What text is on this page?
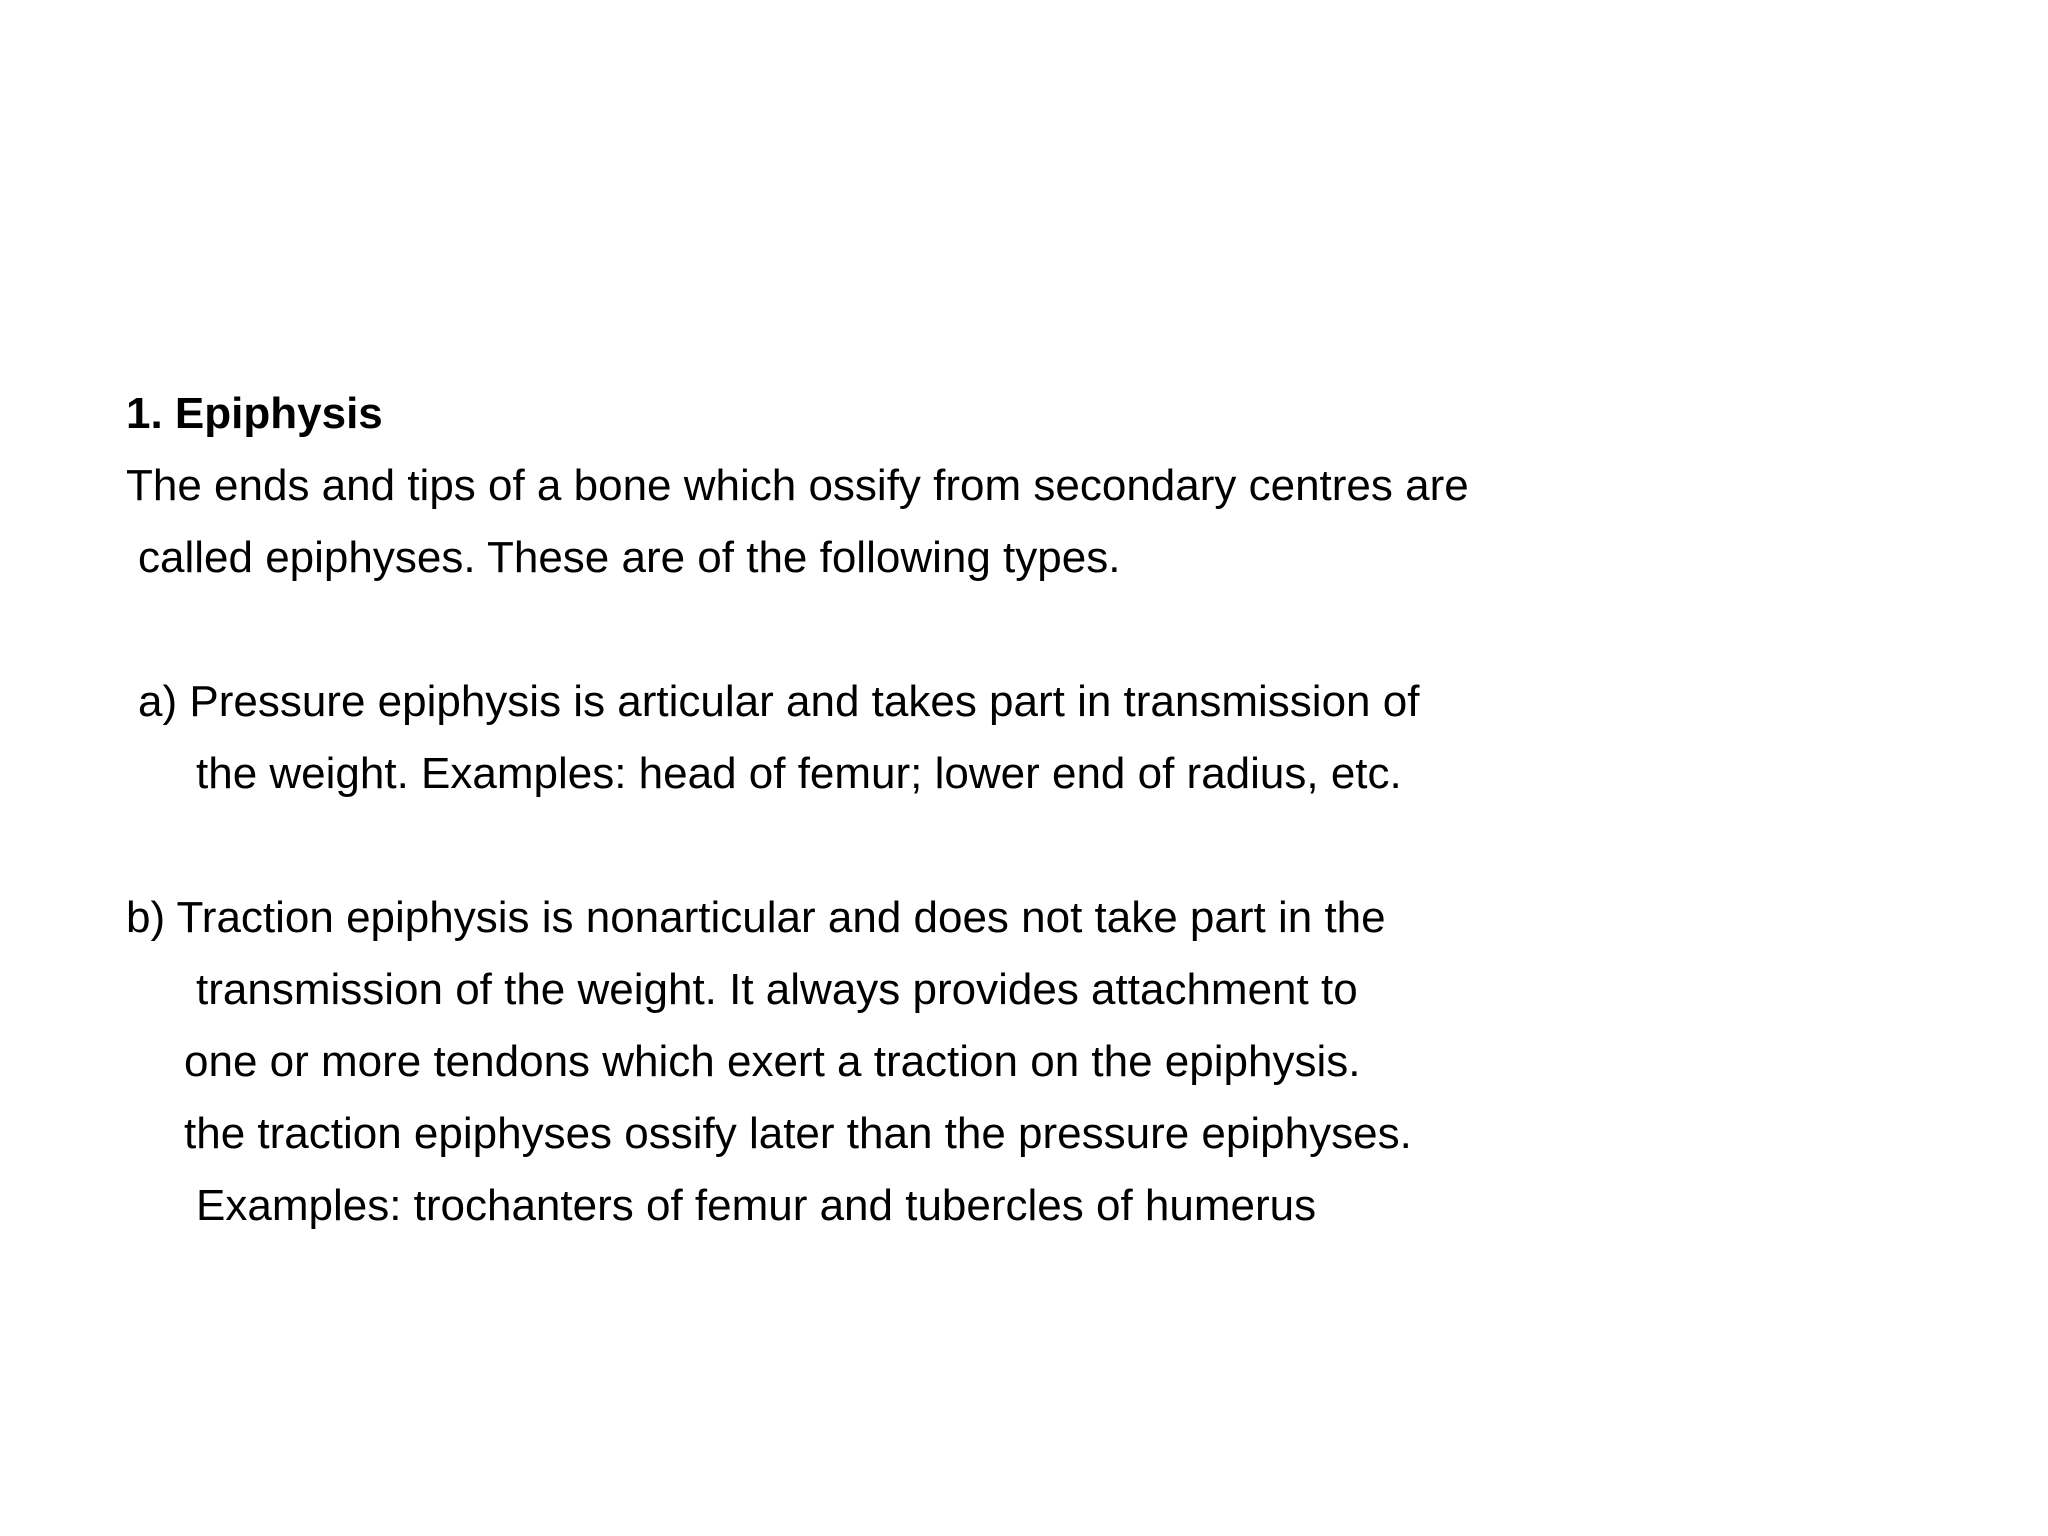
1. Epiphysis
The ends and tips of a bone which ossify from secondary centres are
called epiphyses. These are of the following types.
a) Pressure epiphysis is articular and takes part in transmission of
the weight. Examples: head of femur; lower end of radius, etc.
b) Traction epiphysis is nonarticular and does not take part in the
transmission of the weight. It always provides attachment to
one or more tendons which exert a traction on the epiphysis.
the traction epiphyses ossify later than the pressure epiphyses.
Examples: trochanters of femur and tubercles of humerus
